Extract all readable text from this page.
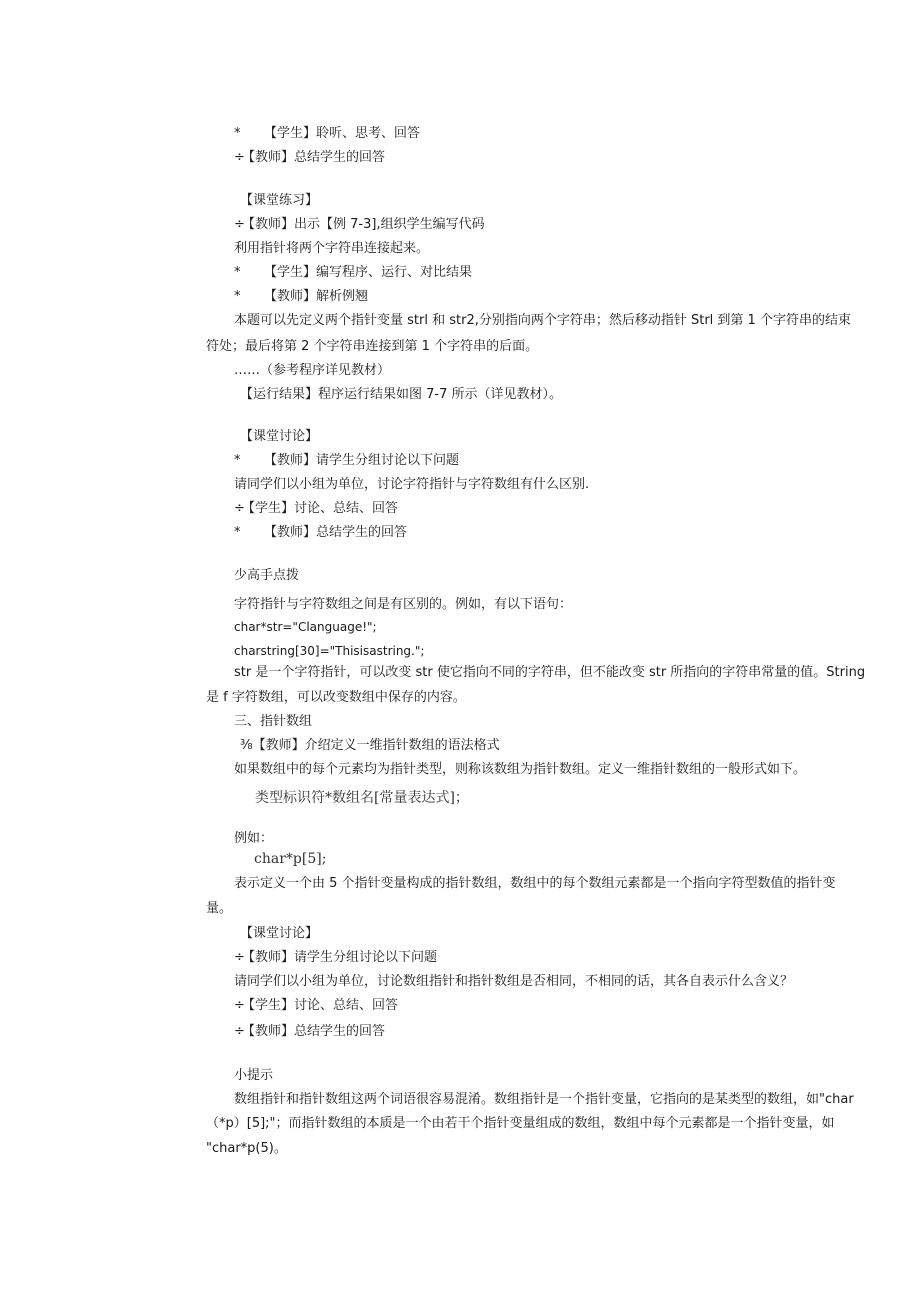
* 【学生】聆听、思考、回答
÷【教师】总结学生的回答
【课堂练习】
÷【教师】出示【例 7-3],组织学生编写代码
利用指针将两个字符串连接起来。
* 【学生】编写程序、运行、对比结果
* 【教师】解析例翘
本题可以先定义两个指针变量 strl 和 str2,分别指向两个字符串；然后移动指针 Strl 到第 1 个字符串的结束
符处；最后将第 2 个字符串连接到第 1 个字符串的后面。
……（参考程序详见教材）
【运行结果】程序运行结果如图 7-7 所示（详见教材）。
【课堂讨论】
* 【教师】请学生分组讨论以下问题
请同学们以小组为单位，讨论字符指针与字符数组有什么区别.
÷【学生】讨论、总结、回答
* 【教师】总结学生的回答
少高手点拨
字符指针与字符数组之间是有区别的。例如，有以下语句：
char*str="Clanguage!";
charstring[30]="Thisisastring.";
str 是一个字符指针，可以改变 str 使它指向不同的字符串，但不能改变 str 所指向的字符串常量的值。String
是 f 字符数组，可以改变数组中保存的内容。
三、指针数组
⅜【教师】介绍定义一维指针数组的语法格式
如果数组中的每个元素均为指针类型，则称该数组为指针数组。定义一维指针数组的一般形式如下。
类型标识符*数组名[常量表达式]；
例如：
char*p[5];
表示定义一个由 5 个指针变量构成的指针数组，数组中的每个数组元素都是一个指向字符型数值的指针变
量。
【课堂讨论】
÷【教师】请学生分组讨论以下问题
请同学们以小组为单位，讨论数组指针和指针数组是否相同，不相同的话，其各自表示什么含义？
÷【学生】讨论、总结、回答
÷【教师】总结学生的回答
小提示
数组指针和指针数组这两个词语很容易混淆。数组指针是一个指针变量，它指向的是某类型的数组，如"char
（*p）[5];"；而指针数组的本质是一个由若干个指针变量组成的数组，数组中每个元素都是一个指针变量，如
"char*p(5)。
